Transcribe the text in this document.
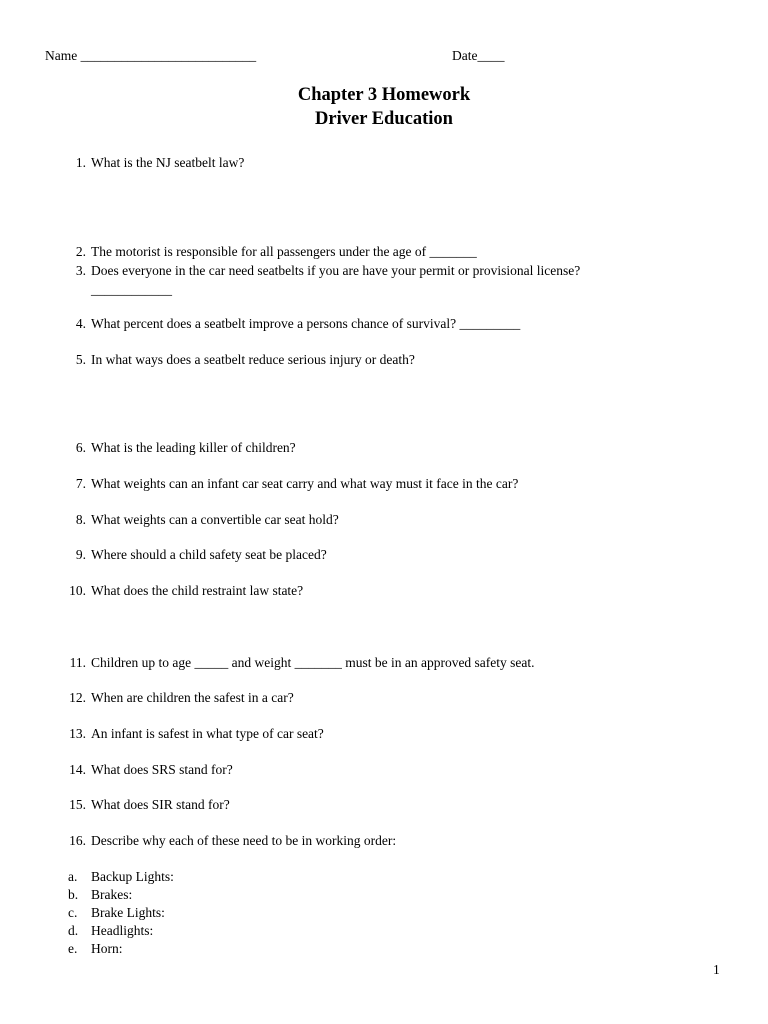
Name __________________________	Date____
Chapter 3 Homework
Driver Education
1. What is the NJ seatbelt law?
2. The motorist is responsible for all passengers under the age of _______
3. Does everyone in the car need seatbelts if you are have your permit or provisional license?
____________
4. What percent does a seatbelt improve a persons chance of survival? _________
5. In what ways does a seatbelt reduce serious injury or death?
6. What is the leading killer of children?
7. What weights can an infant car seat carry and what way must it face in the car?
8. What weights can a convertible car seat hold?
9. Where should a child safety seat be placed?
10. What does the child restraint law state?
11. Children up to age _____ and weight _______ must be in an approved safety seat.
12. When are children the safest in a car?
13. An infant is safest in what type of car seat?
14. What does SRS stand for?
15. What does SIR stand for?
16. Describe why each of these need to be in working order:
a. Backup Lights:
b. Brakes:
c. Brake Lights:
d. Headlights:
e. Horn:
1
